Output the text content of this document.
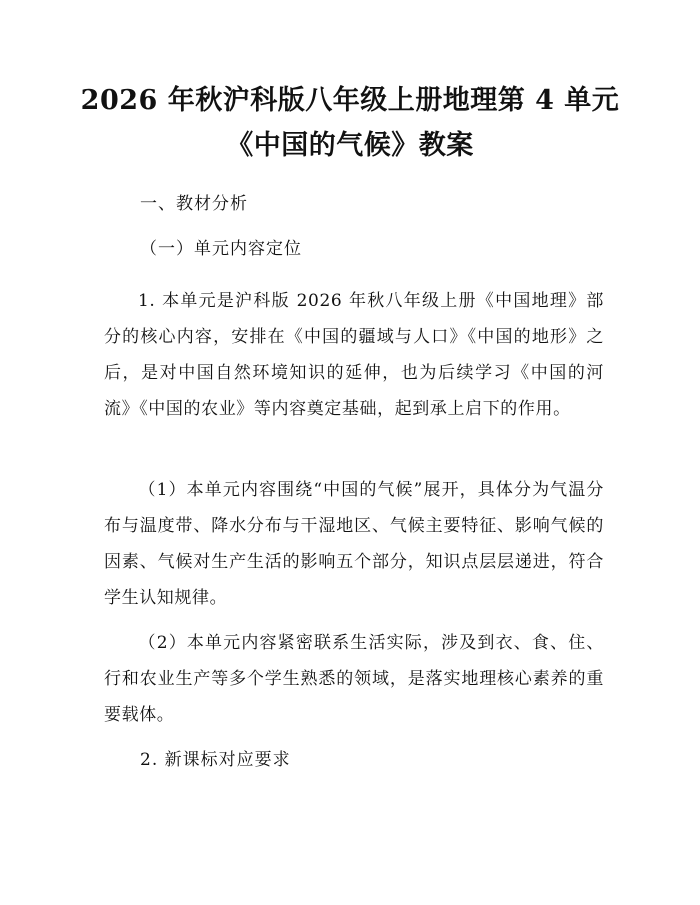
2026 年秋沪科版八年级上册地理第 4 单元
《中国的气候》教案
一、教材分析
（一）单元内容定位
1. 本单元是沪科版 2026 年秋八年级上册《中国地理》部分的核心内容，安排在《中国的疆域与人口》《中国的地形》之后，是对中国自然环境知识的延伸，也为后续学习《中国的河流》《中国的农业》等内容奠定基础，起到承上启下的作用。
（1）本单元内容围绕“中国的气候”展开，具体分为气温分布与温度带、降水分布与干湿地区、气候主要特征、影响气候的因素、气候对生产生活的影响五个部分，知识点层层递进，符合学生认知规律。
（2）本单元内容紧密联系生活实际，涉及到衣、食、住、行和农业生产等多个学生熟悉的领域，是落实地理核心素养的重要载体。
2. 新课标对应要求
